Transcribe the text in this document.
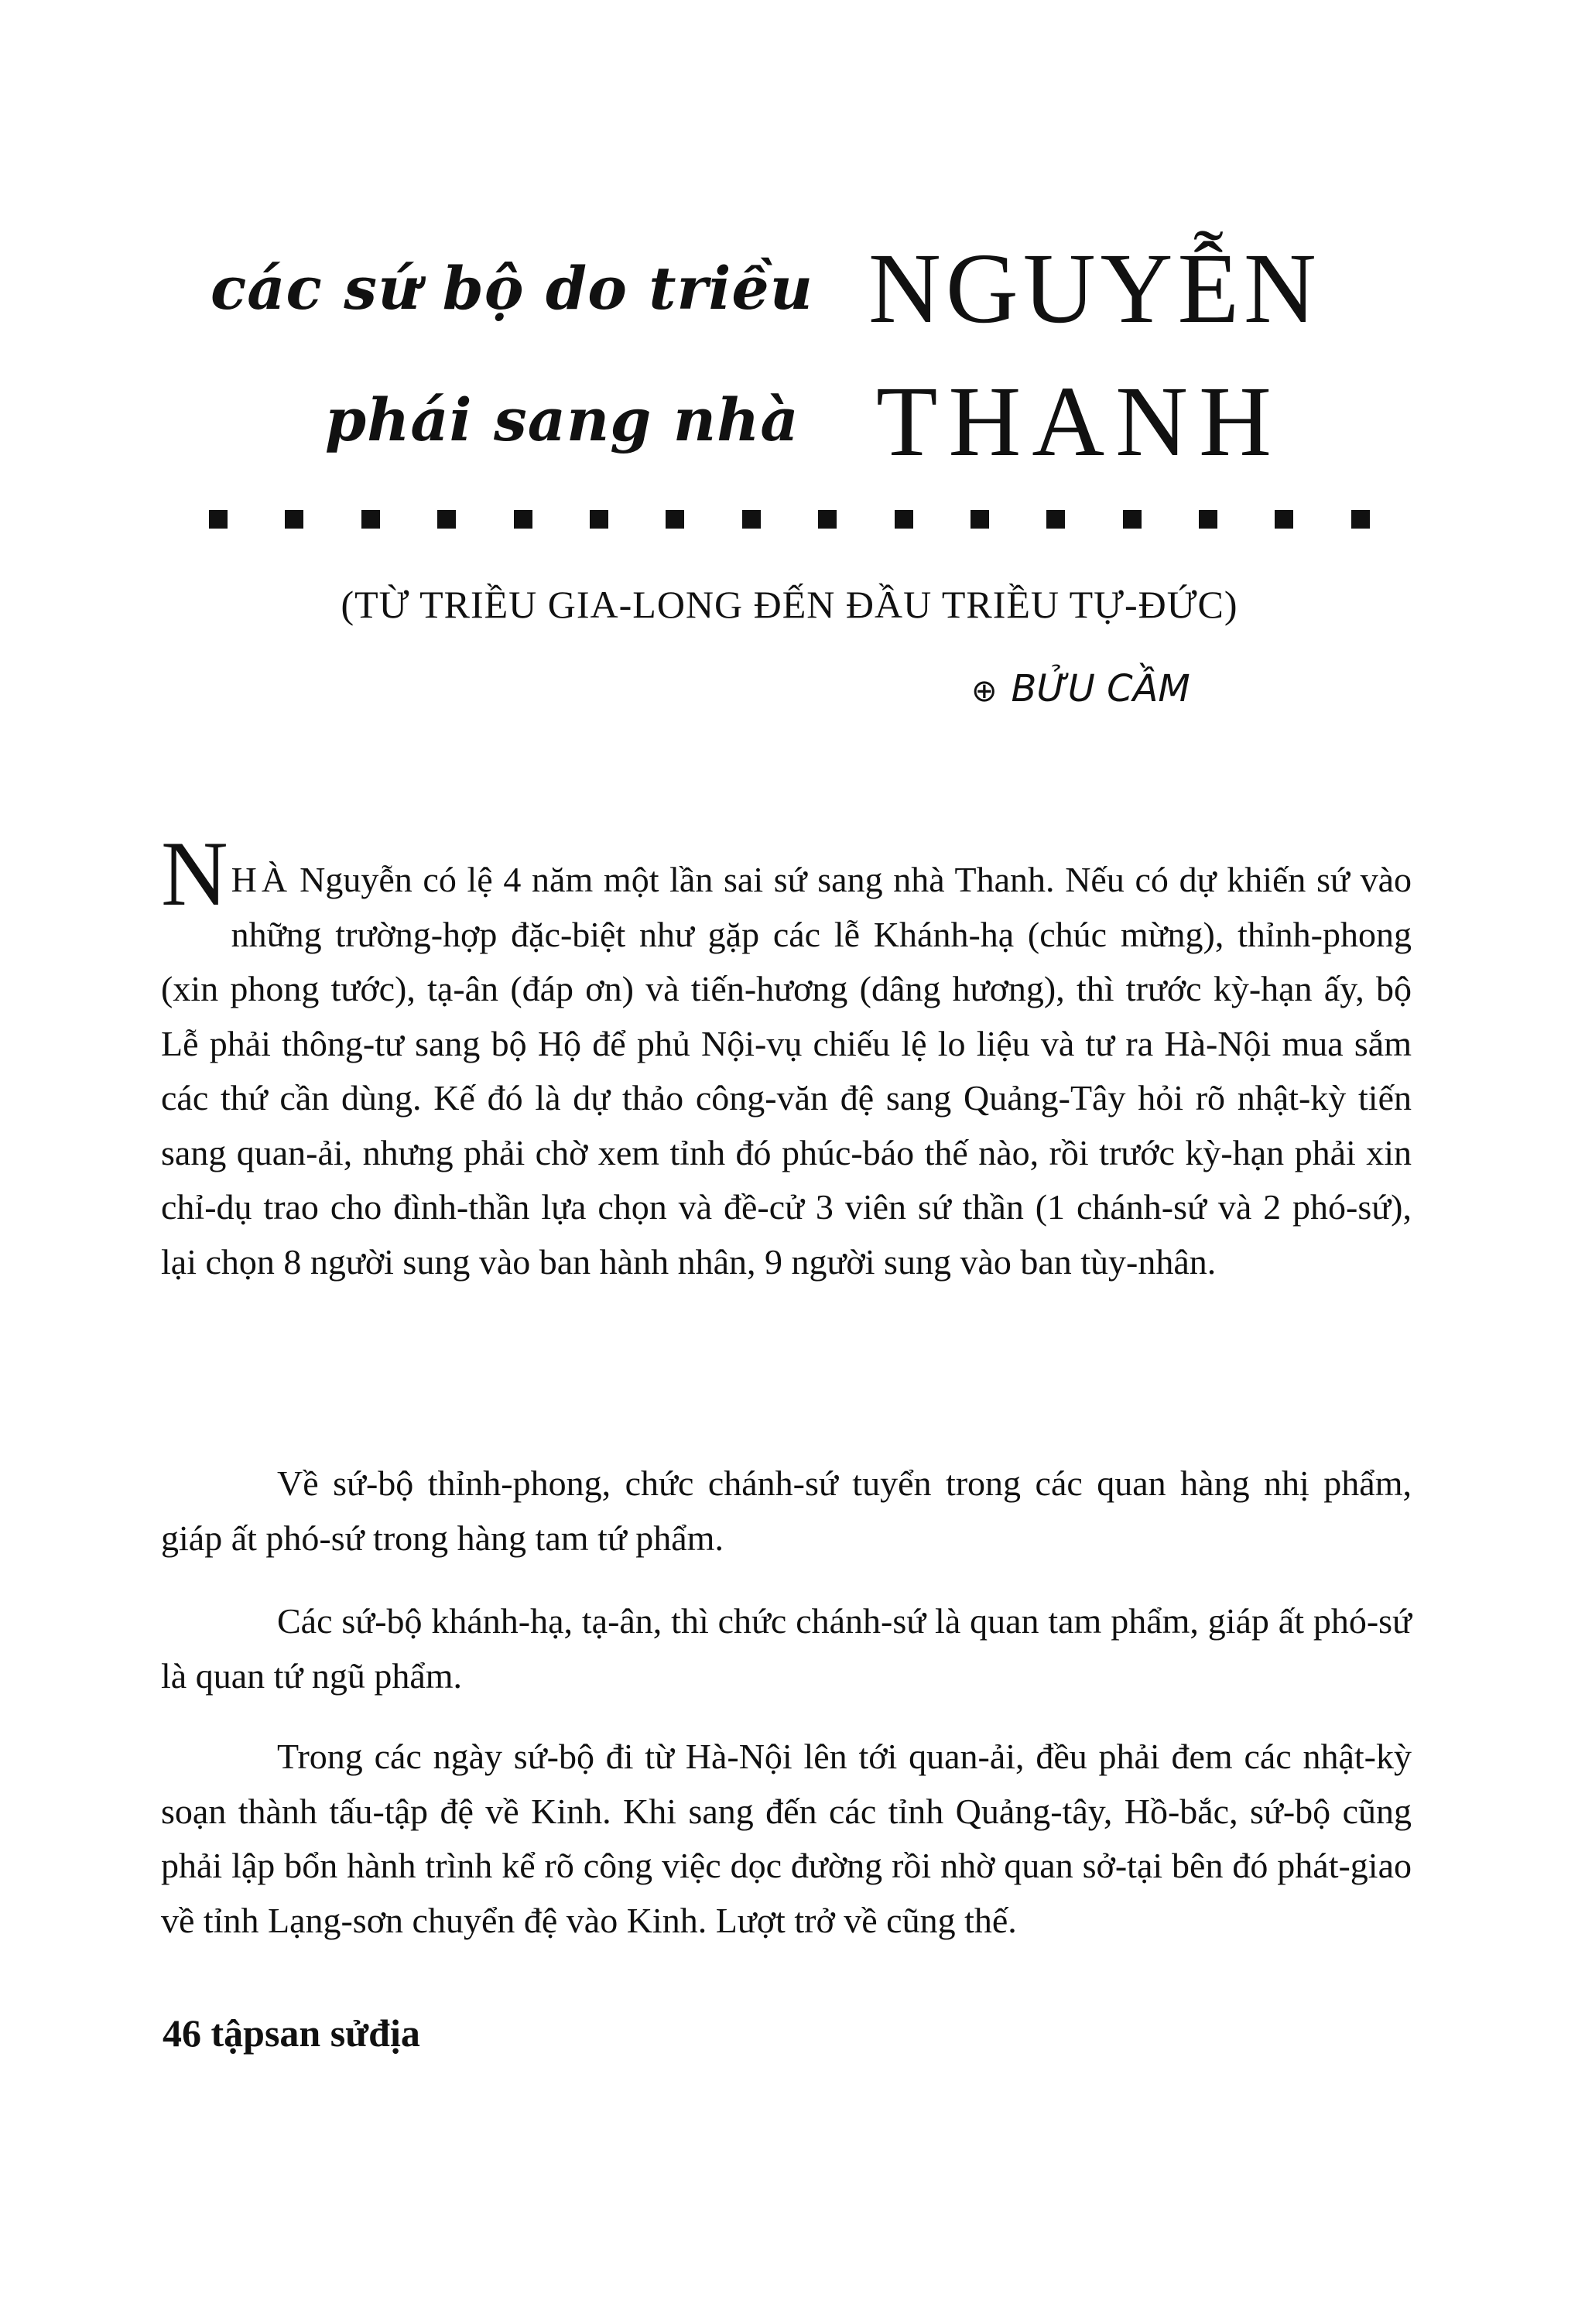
các sứ bộ do triều NGUYỄN
phái sang nhà THANH
(TỪ TRIỀU GIA-LONG ĐẾN ĐẦU TRIỀU TỰ-ĐỨC)
⊕ BỬU CẦM

NHÀ Nguyễn có lệ 4 năm một lần sai sứ sang nhà Thanh. Nếu có dự khiến sứ vào những trường-hợp đặc-biệt như gặp các lễ Khánh-hạ (chúc mừng), thỉnh-phong (xin phong tước), tạ-ân (đáp ơn) và tiến-hương (dâng hương), thì trước kỳ-hạn ấy, bộ Lễ phải thông-tư sang bộ Hộ để phủ Nội-vụ chiếu lệ lo liệu và tư ra Hà-Nội mua sắm các thứ cần dùng. Kế đó là dự thảo công-văn đệ sang Quảng-Tây hỏi rõ nhật-kỳ tiến sang quan-ải, nhưng phải chờ xem tỉnh đó phúc-báo thế nào, rồi trước kỳ-hạn phải xin chỉ-dụ trao cho đình-thần lựa chọn và đề-cử 3 viên sứ thần (1 chánh-sứ và 2 phó-sứ), lại chọn 8 người sung vào ban hành nhân, 9 người sung vào ban tùy-nhân.

Về sứ-bộ thỉnh-phong, chức chánh-sứ tuyển trong các quan hàng nhị phẩm, giáp ất phó-sứ trong hàng tam tứ phẩm.

Các sứ-bộ khánh-hạ, tạ-ân, thì chức chánh-sứ là quan tam phẩm, giáp ất phó-sứ là quan tứ ngũ phẩm.

Trong các ngày sứ-bộ đi từ Hà-Nội lên tới quan-ải, đều phải đem các nhật-kỳ soạn thành tấu-tập đệ về Kinh. Khi sang đến các tỉnh Quảng-tây, Hồ-bắc, sứ-bộ cũng phải lập bổn hành trình kể rõ công việc dọc đường rồi nhờ quan sở-tại bên đó phát-giao về tỉnh Lạng-sơn chuyển đệ vào Kinh. Lượt trở về cũng thế.

46 tậpsan sửđịa
